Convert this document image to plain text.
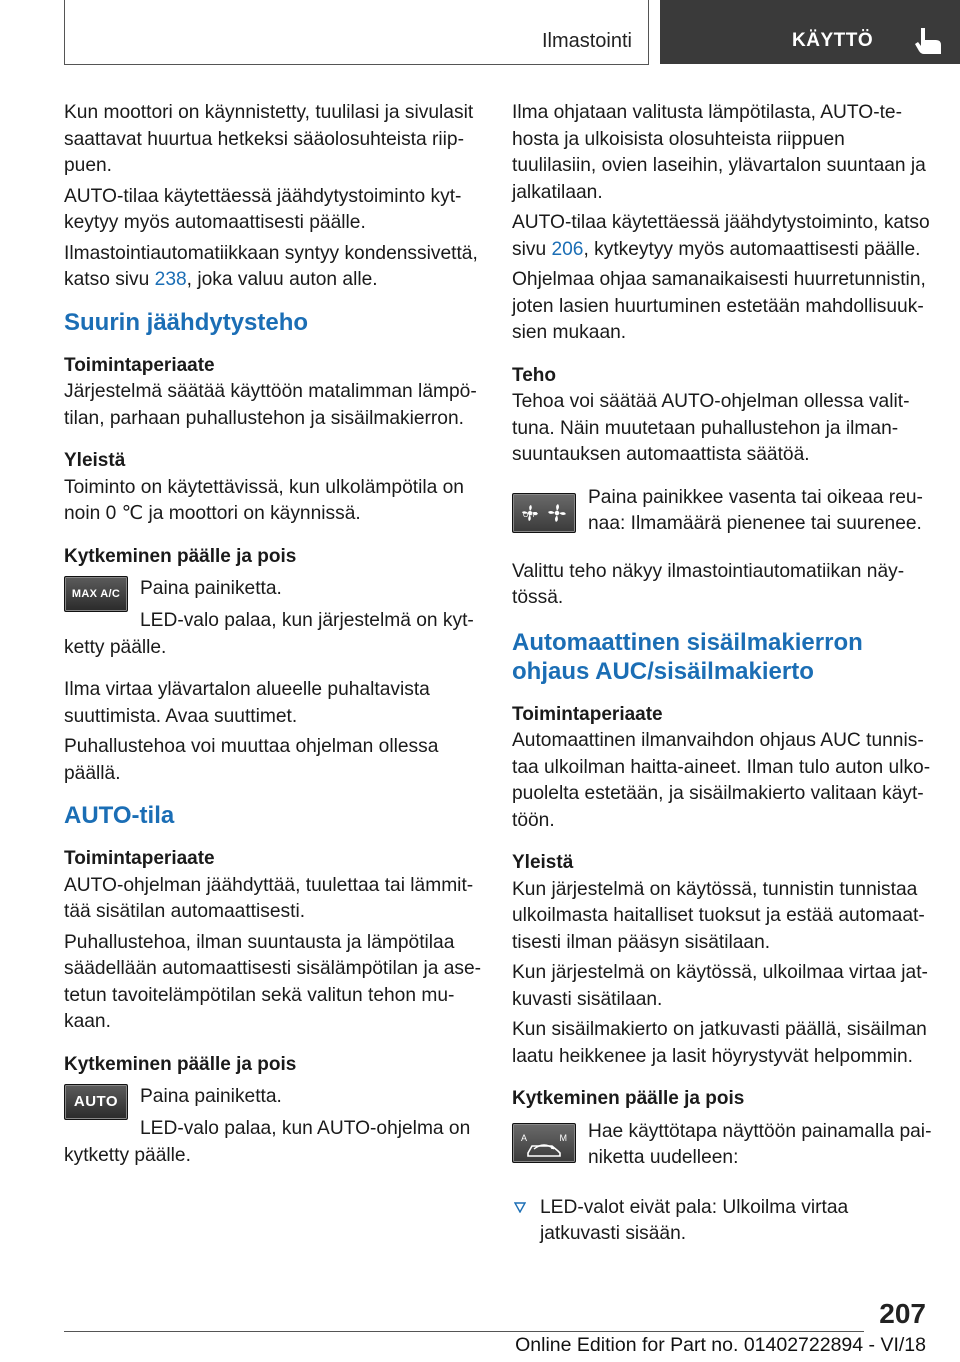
Ilmastointi	KÄYTTÖ

Kun moottori on käynnistetty, tuulilasi ja sivulasit saattavat huurtua hetkeksi sääolosuhteista riippuen.

AUTO-tilaa käytettäessä jäähdytystoiminto kytkeytyy myös automaattisesti päälle.

Ilmastointiautomatiikkaan syntyy kondenssivettä, katso sivu 238, joka valuu auton alle.

Suurin jäähdytysteho
Toimintaperiaate

Järjestelmä säätää käyttöön matalimman lämpötilan, parhaan puhallustehon ja sisäilmakierron.

Yleistä

Toiminto on käytettävissä, kun ulkolämpötila on noin 0 ℃ ja moottori on käynnissä.

Kytkeminen päälle ja pois
MAX A/C	Paina painiketta.

LED-valo palaa, kun järjestelmä on kytketty päälle.

Ilma virtaa ylävartalon alueelle puhaltavista suuttimista. Avaa suuttimet.

Puhallustehoa voi muuttaa ohjelman ollessa päällä.

AUTO-tila
Toimintaperiaate

AUTO-ohjelman jäähdyttää, tuulettaa tai lämmittää sisätilan automaattisesti.

Puhallustehoa, ilman suuntausta ja lämpötilaa säädellään automaattisesti sisälämpötilan ja asetetun tavoitelämpötilan sekä valitun tehon mukaan.

Kytkeminen päälle ja pois
AUTO	Paina painiketta.

LED-valo palaa, kun AUTO-ohjelma on kytketty päälle.

Ilma ohjataan valitusta lämpötilasta, AUTO-tehosta ja ulkoisista olosuhteista riippuen tuulilasiin, ovien laseihin, ylävartalon suuntaan ja jalkatilaan.

AUTO-tilaa käytettäessä jäähdytystoiminto, katso sivu 206, kytkeytyy myös automaattisesti päälle.

Ohjelmaa ohjaa samanaikaisesti huurretunnistin, joten lasien huurtuminen estetään mahdollisuuksien mukaan.

Teho

Tehoa voi säätää AUTO-ohjelman ollessa valittuna. Näin muutetaan puhallustehon ja ilmansuuntauksen automaattista säätöä.

OFF

Paina painikkee vasenta tai oikeaa reunaa: Ilmamäärä pienenee tai suurenee.

Valittu teho näkyy ilmastointiautomatiikan näytössä.

Automaattinen sisäilmakierron ohjaus AUC/sisäilmakierto
Toimintaperiaate

Automaattinen ilmanvaihdon ohjaus AUC tunnistaa ulkoilman haitta-aineet. Ilman tulo auton ulkopuolelta estetään, ja sisäilmakierto valitaan käyttöön.

Yleistä

Kun järjestelmä on käytössä, tunnistin tunnistaa ulkoilmasta haitalliset tuoksut ja estää automaattisesti ilman pääsyn sisätilaan.

Kun järjestelmä on käytössä, ulkoilmaa virtaa jatkuvasti sisätilaan.

Kun sisäilmakierto on jatkuvasti päällä, sisäilman laatu heikkenee ja lasit höyrystyvät helpommin.

Kytkeminen päälle ja pois
A	M	Hae käyttötapa näyttöön painamalla painiketta uudelleen:

LED-valot eivät pala: Ulkoilma virtaa jatkuvasti sisään.

207
Online Edition for Part no. 01402722894 - VI/18
